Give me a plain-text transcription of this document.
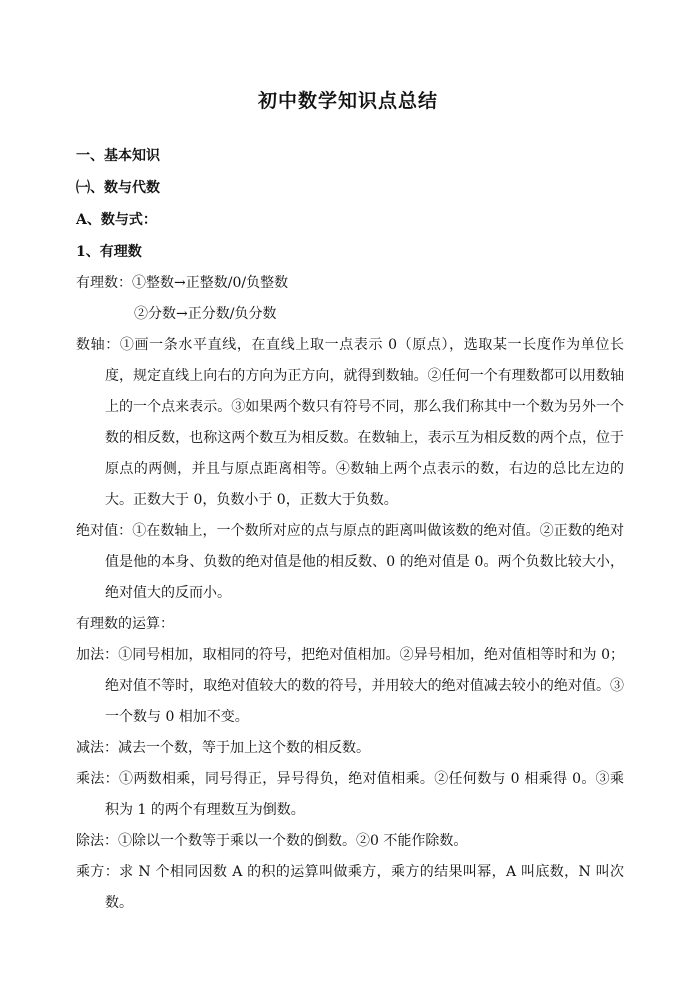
初中数学知识点总结

一、基本知识

㈠、数与代数

A、数与式：

1、有理数

有理数：①整数→正整数/0/负整数

②分数→正分数/负分数

数轴：①画一条水平直线，在直线上取一点表示 0（原点），选取某一长度作为单位长度，规定直线上向右的方向为正方向，就得到数轴。②任何一个有理数都可以用数轴上的一个点来表示。③如果两个数只有符号不同，那么我们称其中一个数为另外一个数的相反数，也称这两个数互为相反数。在数轴上，表示互为相反数的两个点，位于原点的两侧，并且与原点距离相等。④数轴上两个点表示的数，右边的总比左边的大。正数大于 0，负数小于 0，正数大于负数。

绝对值：①在数轴上，一个数所对应的点与原点的距离叫做该数的绝对值。②正数的绝对值是他的本身、负数的绝对值是他的相反数、0 的绝对值是 0。两个负数比较大小，绝对值大的反而小。

有理数的运算：

加法：①同号相加，取相同的符号，把绝对值相加。②异号相加，绝对值相等时和为 0；绝对值不等时，取绝对值较大的数的符号，并用较大的绝对值减去较小的绝对值。③一个数与 0 相加不变。

减法：减去一个数，等于加上这个数的相反数。

乘法：①两数相乘，同号得正，异号得负，绝对值相乘。②任何数与 0 相乘得 0。③乘积为 1 的两个有理数互为倒数。

除法：①除以一个数等于乘以一个数的倒数。②0 不能作除数。

乘方：求 N 个相同因数 A 的积的运算叫做乘方，乘方的结果叫幂，A 叫底数，N 叫次数。
